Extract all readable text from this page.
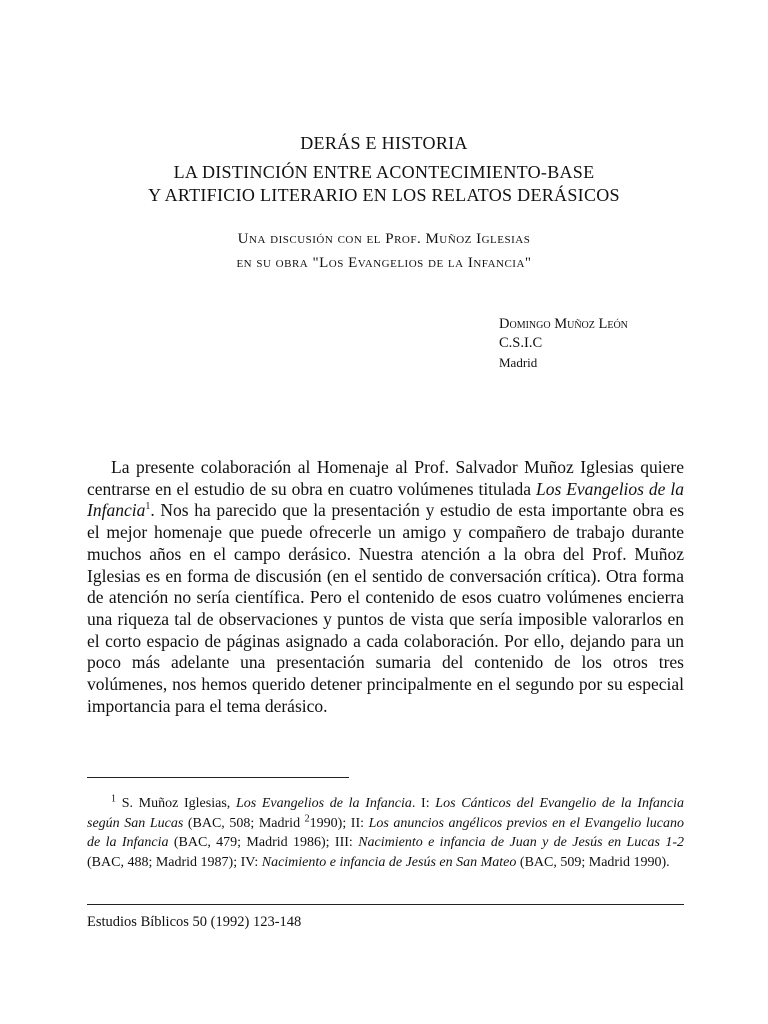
DERÁS E HISTORIA
LA DISTINCIÓN ENTRE ACONTECIMIENTO-BASE
Y ARTIFICIO LITERARIO EN LOS RELATOS DERÁSICOS
Una discusión con el Prof. Muñoz Iglesias
en su obra "Los Evangelios de la Infancia"
Domingo Muñoz León
C.S.I.C
Madrid
La presente colaboración al Homenaje al Prof. Salvador Muñoz Iglesias quiere centrarse en el estudio de su obra en cuatro volúmenes titulada Los Evangelios de la Infancia$^1$. Nos ha parecido que la presentación y estudio de esta importante obra es el mejor homenaje que puede ofrecerle un amigo y compañero de trabajo durante muchos años en el campo derásico. Nuestra atención a la obra del Prof. Muñoz Iglesias es en forma de discusión (en el sentido de conversación crítica). Otra forma de atención no sería científica. Pero el contenido de esos cuatro volúmenes encierra una riqueza tal de observaciones y puntos de vista que sería imposible valorarlos en el corto espacio de páginas asignado a cada colaboración. Por ello, dejando para un poco más adelante una presentación sumaria del contenido de los otros tres volúmenes, nos hemos querido detener principalmente en el segundo por su especial importancia para el tema derásico.
$^1$ S. Muñoz Iglesias, Los Evangelios de la Infancia. I: Los Cánticos del Evangelio de la Infancia según San Lucas (BAC, 508; Madrid $^2$1990); II: Los anuncios angélicos previos en el Evangelio lucano de la Infancia (BAC, 479; Madrid 1986); III: Nacimiento e infancia de Juan y de Jesús en Lucas 1-2 (BAC, 488; Madrid 1987); IV: Nacimiento e infancia de Jesús en San Mateo (BAC, 509; Madrid 1990).
Estudios Bíblicos 50 (1992) 123-148
